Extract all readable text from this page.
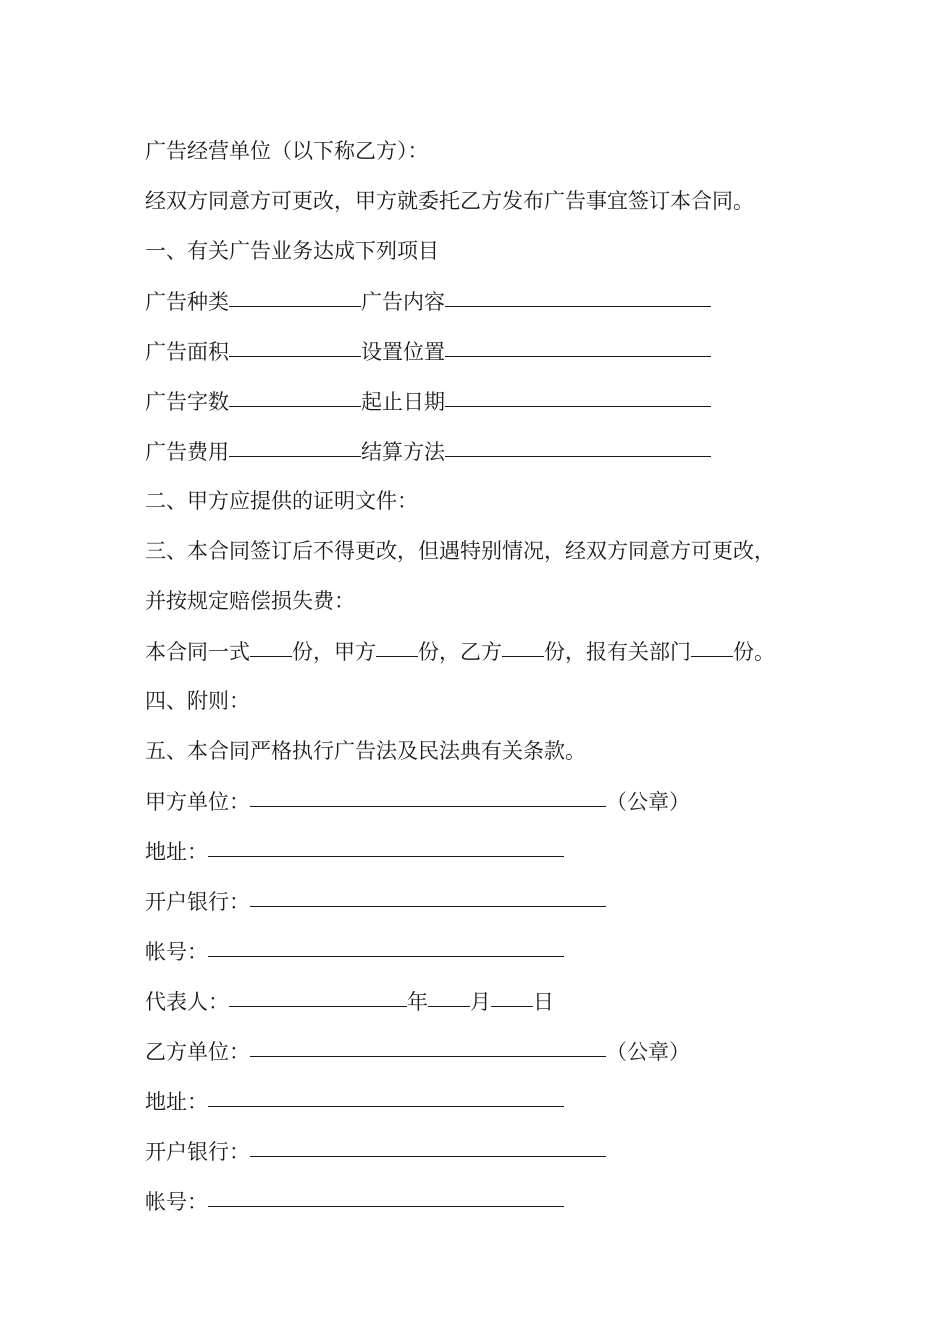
广告经营单位（以下称乙方）：
经双方同意方可更改，甲方就委托乙方发布广告事宜签订本合同。
一、有关广告业务达成下列项目
广告种类	广告内容
广告面积	设置位置
广告字数	起止日期
广告费用	结算方法
二、甲方应提供的证明文件：
三、本合同签订后不得更改，但遇特别情况，经双方同意方可更改，
并按规定赔偿损失费：
本合同一式 份，甲方 份，乙方 份，报有关部门 份。
四、附则：
五、本合同严格执行广告法及民法典有关条款。
甲方单位：	（公章）
地址：
开户银行：
帐号：
代表人：	年 月 日
乙方单位：	（公章）
地址：
开户银行：
帐号：
